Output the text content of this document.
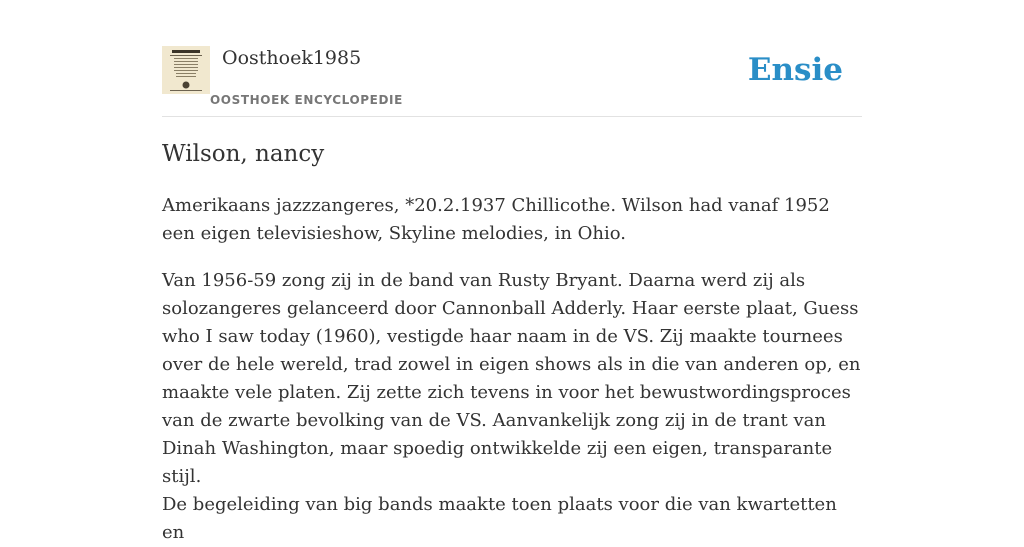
Oosthoek1985
OOSTHOEK ENCYCLOPEDIE
Ensie
Wilson, nancy

Amerikaans jazzzangeres, *20.2.1937 Chillicothe. Wilson had vanaf 1952 een eigen televisieshow, Skyline melodies, in Ohio.

Van 1956-59 zong zij in de band van Rusty Bryant. Daarna werd zij als solozangeres gelanceerd door Cannonball Adderly. Haar eerste plaat, Guess who I saw today (1960), vestigde haar naam in de VS. Zij maakte tournees over de hele wereld, trad zowel in eigen shows als in die van anderen op, en maakte vele platen. Zij zette zich tevens in voor het bewustwordingsproces van de zwarte bevolking van de VS. Aanvankelijk zong zij in de trant van Dinah Washington, maar spoedig ontwikkelde zij een eigen, transparante stijl.

De begeleiding van big bands maakte toen plaats voor die van kwartetten en
